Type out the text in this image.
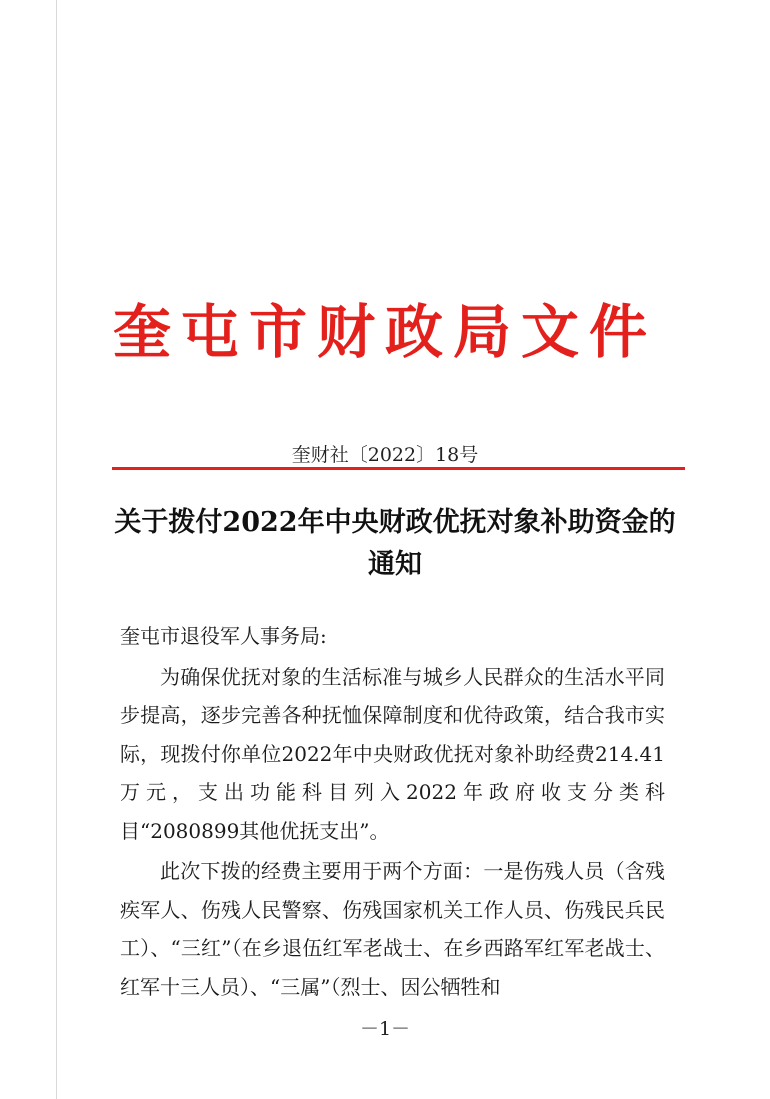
奎屯市财政局文件
奎财社〔2022〕18号
关于拨付2022年中央财政优抚对象补助资金的通知

奎屯市退役军人事务局:

为确保优抚对象的生活标准与城乡人民群众的生活水平同步提高，逐步完善各种抚恤保障制度和优待政策，结合我市实际，现拨付你单位2022年中央财政优抚对象补助经费214.41万元，支出功能科目列入2022年政府收支分类科目“2080899其他优抚支出”。

此次下拨的经费主要用于两个方面：一是伤残人员（含残疾军人、伤残人民警察、伤残国家机关工作人员、伤残民兵民工）、“三红”（在乡退伍红军老战士、在乡西路军红军老战士、红军十三人员）、“三属”（烈士、因公牺牲和

－1－
